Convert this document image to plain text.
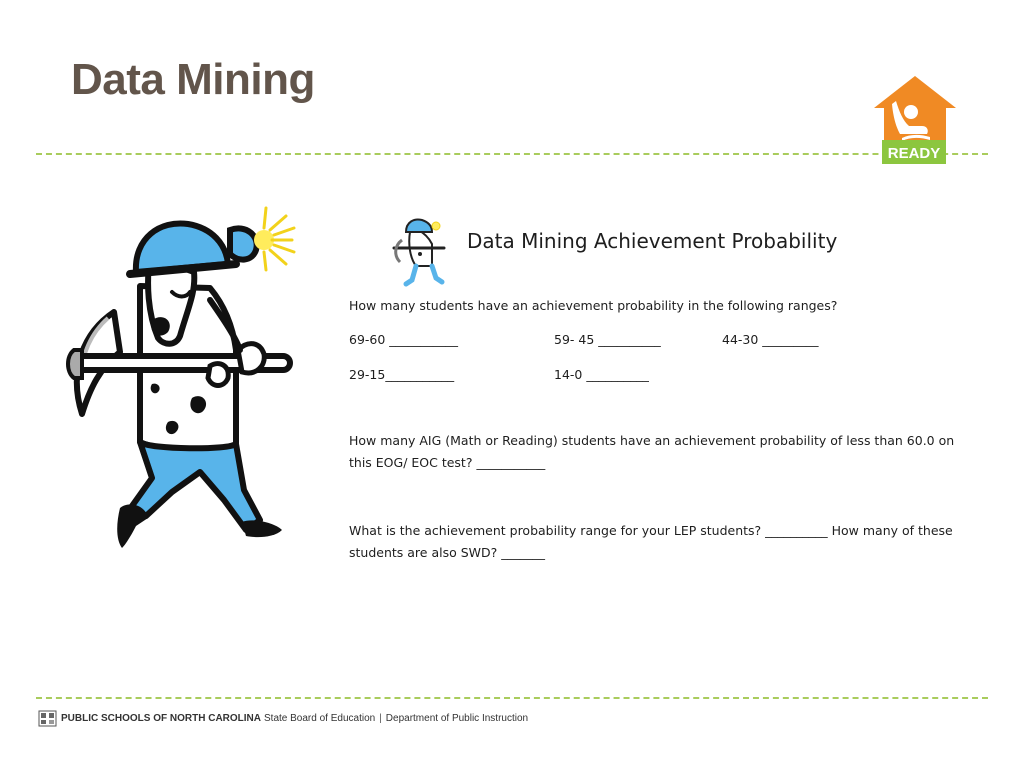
Data Mining
READY
Data Mining Achievement Probability

How many students have an achievement probability in the following ranges?

69-60 ___________	59- 45 __________	44-30 _________
29-15___________	14-0 __________

How many AIG (Math or Reading) students have an achievement probability of less than 60.0 on this EOG/ EOC test? ___________

What is the achievement probability range for your LEP students? __________ How many of these students are also SWD? _______

PUBLIC SCHOOLS OF NORTH CAROLINA State Board of Education | Department of Public Instruction
